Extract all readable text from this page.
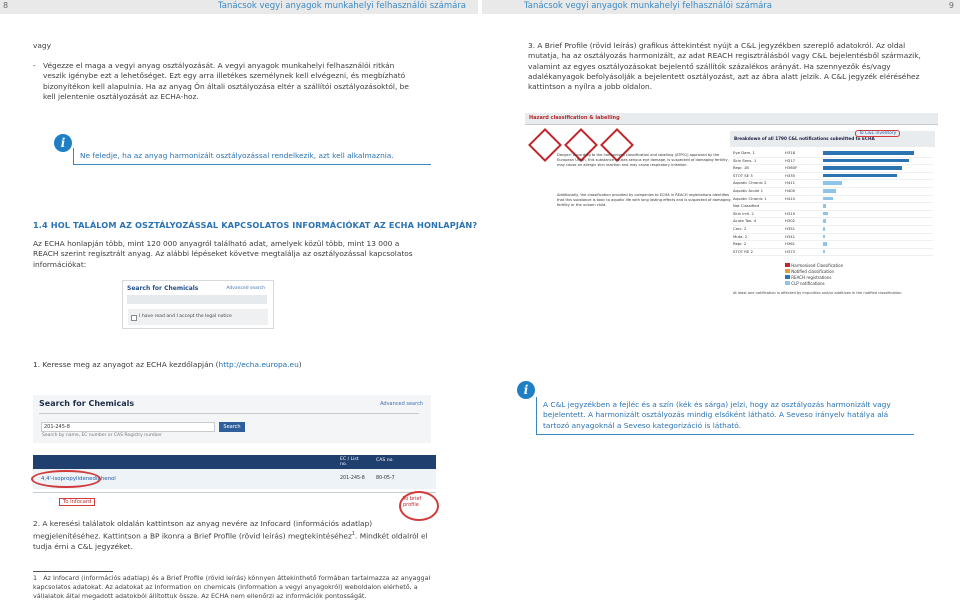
8	Tanácsok vegyi anyagok munkahelyi felhasználói számára	Tanácsok vegyi anyagok munkahelyi felhasználói számára	9

vagy

- Végezze el maga a vegyi anyag osztályozását. A vegyi anyagok munkahelyi felhasználói ritkán veszik igénybe ezt a lehetőséget. Ezt egy arra illetékes személynek kell elvégezni, és megbízható bizonyítékon kell alapulnia. Ha az anyag Ön általi osztályozása eltér a szállítói osztályozásoktól, be kell jelentenie osztályozását az ECHA-hoz.
i
Ne feledje, ha az anyag harmonizált osztályozással rendelkezik, azt kell alkalmaznia.
1.4 HOL TALÁLOM AZ OSZTÁLYOZÁSSAL KAPCSOLATOS INFORMÁCIÓKAT AZ ECHA HONLAPJÁN?

Az ECHA honlapján több, mint 120 000 anyagról található adat, amelyek közül több, mint 13 000 a REACH szerint regisztrált anyag. Az alábbi lépéseket követve megtalálja az osztályozással kapcsolatos információkat:

Search for Chemicals	Advanced search
I have read and I accept the legal notice

1. Keresse meg az anyagot az ECHA kezdőlapján (http://echa.europa.eu)

Search for Chemicals	Advanced search
201-245-8	Search
Search by name, EC number or CAS Registry number
EC / List no.
CAS no.
4,4'-isopropylidenediphenol	201-245-8 80-05-7
To Infocard	To brief profile

2. A keresési találatok oldalán kattintson az anyag nevére az Infocard (információs adatlap) megjelenítéséhez. Kattintson a BP ikonra a Brief Profile (rövid leírás) megtekintéséhez$^1$. Mindkét oldalról el tudja érni a C&L jegyzéket.

1 Az Infocard (információs adatlap) és a Brief Profile (rövid leírás) könnyen áttekinthető formában tartalmazza az anyaggal kapcsolatos adatokat. Az adatokat az Information on chemicals (Information a vegyi anyagokról) weboldalon elérhető, a vállalatok által megadott adatokból állítottuk össze. Az ECHA nem ellenőrzi az információk pontosságát.

3. A Brief Profile (rövid leírás) grafikus áttekintést nyújt a C&L jegyzékben szereplő adatokról. Az oldal mutatja, ha az osztályozás harmonizált, az adat REACH regisztrálásból vagy C&L bejelentésből származik, valamint az egyes osztályozásokat bejelentő szállítók százalékos arányát. Ha szennyezők és/vagy adalékanyagok befolyásolják a bejelentett osztályozást, azt az ábra alatt jelzik. A C&L jegyzék eléréséhez kattintson a nyílra a jobb oldalon.

Hazard classification & labelling
Danger! According to the harmonised classification and labelling (ATP01) approved by the European Union, this substance causes serious eye damage, is suspected of damaging fertility, may cause an allergic skin reaction and may cause respiratory irritation.
Additionally, the classification provided by companies to ECHA in REACH registrations identifies that this substance is toxic to aquatic life with long lasting effects and is suspected of damaging fertility or the unborn child.
Breakdown of all 1790 C&L notifications submitted to ECHA
To C&L inventory
Eye Dam. 1	H318
Skin Sens. 1	H317
Repr. 1B	H360F
STOT SE 3	H335
Aquatic Chronic 2	H411
Aquatic Acute 1	H400
Aquatic Chronic 1	H410
Not Classified
Skin Irrit. 2	H315
Acute Tox. 4	H302
Carc. 2	H351
Muta. 2	H341
Repr. 2	H361
STOT RE 2	H373
Harmonised Classification
Notified classification
REACH registrations
CLP notifications
At least one notification is affected by impurities and/or additives in the notified classification.
i
A C&L jegyzékben a fejléc és a szín (kék és sárga) jelzi, hogy az osztályozás harmonizált vagy bejelentett. A harmonizált osztályozás mindig elsőként látható. A Seveso irányelv hatálya alá tartozó anyagoknál a Seveso kategorizáció is látható.
